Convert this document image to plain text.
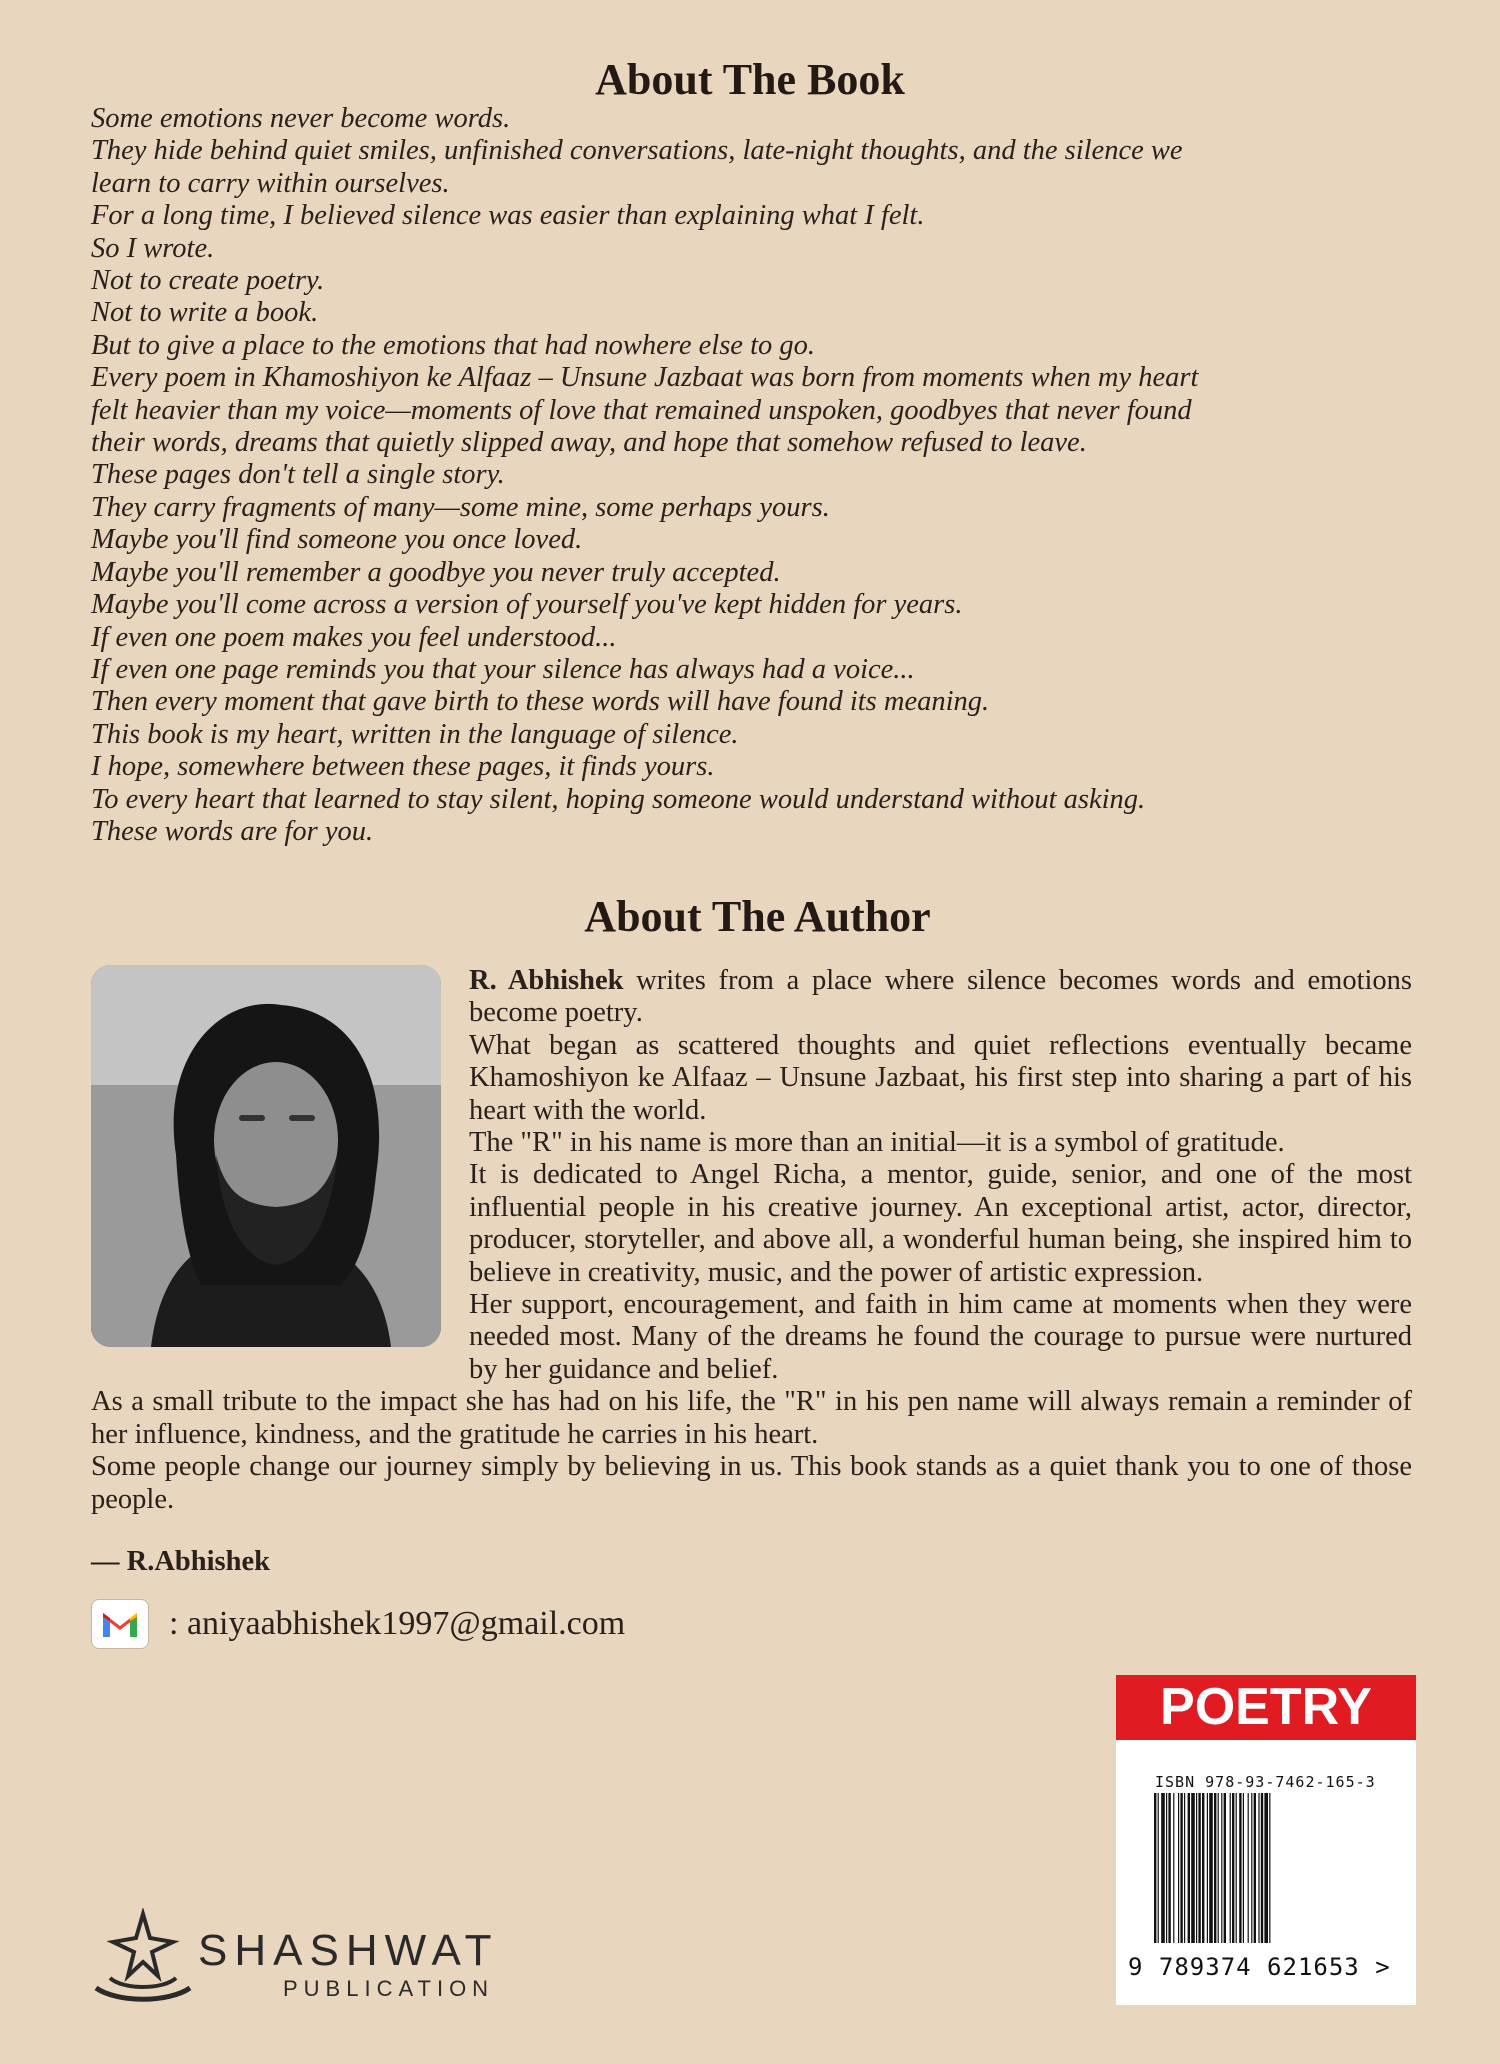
About The Book

Some emotions never become words.

They hide behind quiet smiles, unfinished conversations, late-night thoughts, and the silence we

learn to carry within ourselves.

For a long time, I believed silence was easier than explaining what I felt.

So I wrote.

Not to create poetry.

Not to write a book.

But to give a place to the emotions that had nowhere else to go.

Every poem in Khamoshiyon ke Alfaaz – Unsune Jazbaat was born from moments when my heart

felt heavier than my voice—moments of love that remained unspoken, goodbyes that never found

their words, dreams that quietly slipped away, and hope that somehow refused to leave.

These pages don't tell a single story.

They carry fragments of many—some mine, some perhaps yours.

Maybe you'll find someone you once loved.

Maybe you'll remember a goodbye you never truly accepted.

Maybe you'll come across a version of yourself you've kept hidden for years.

If even one poem makes you feel understood...

If even one page reminds you that your silence has always had a voice...

Then every moment that gave birth to these words will have found its meaning.

This book is my heart, written in the language of silence.

I hope, somewhere between these pages, it finds yours.

To every heart that learned to stay silent, hoping someone would understand without asking.

These words are for you.

About The Author

R. Abhishek writes from a place where silence becomes words and emotions become poetry.

What began as scattered thoughts and quiet reflections eventually became Khamoshiyon ke Alfaaz – Unsune Jazbaat, his first step into sharing a part of his heart with the world.

The "R" in his name is more than an initial—it is a symbol of gratitude.

It is dedicated to Angel Richa, a mentor, guide, senior, and one of the most influential people in his creative journey. An exceptional artist, actor, director, producer, storyteller, and above all, a wonderful human being, she inspired him to believe in creativity, music, and the power of artistic expression.

Her support, encouragement, and faith in him came at moments when they were needed most. Many of the dreams he found the courage to pursue were nurtured by her guidance and belief.

As a small tribute to the impact she has had on his life, the "R" in his pen name will always remain a reminder of her influence, kindness, and the gratitude he carries in his heart.

Some people change our journey simply by believing in us. This book stands as a quiet thank you to one of those people.

— R.Abhishek
: aniyaabhishek1997@gmail.com
SHASHWAT
PUBLICATION
POETRY
ISBN 978-93-7462-165-3
9 789374 621653 >
